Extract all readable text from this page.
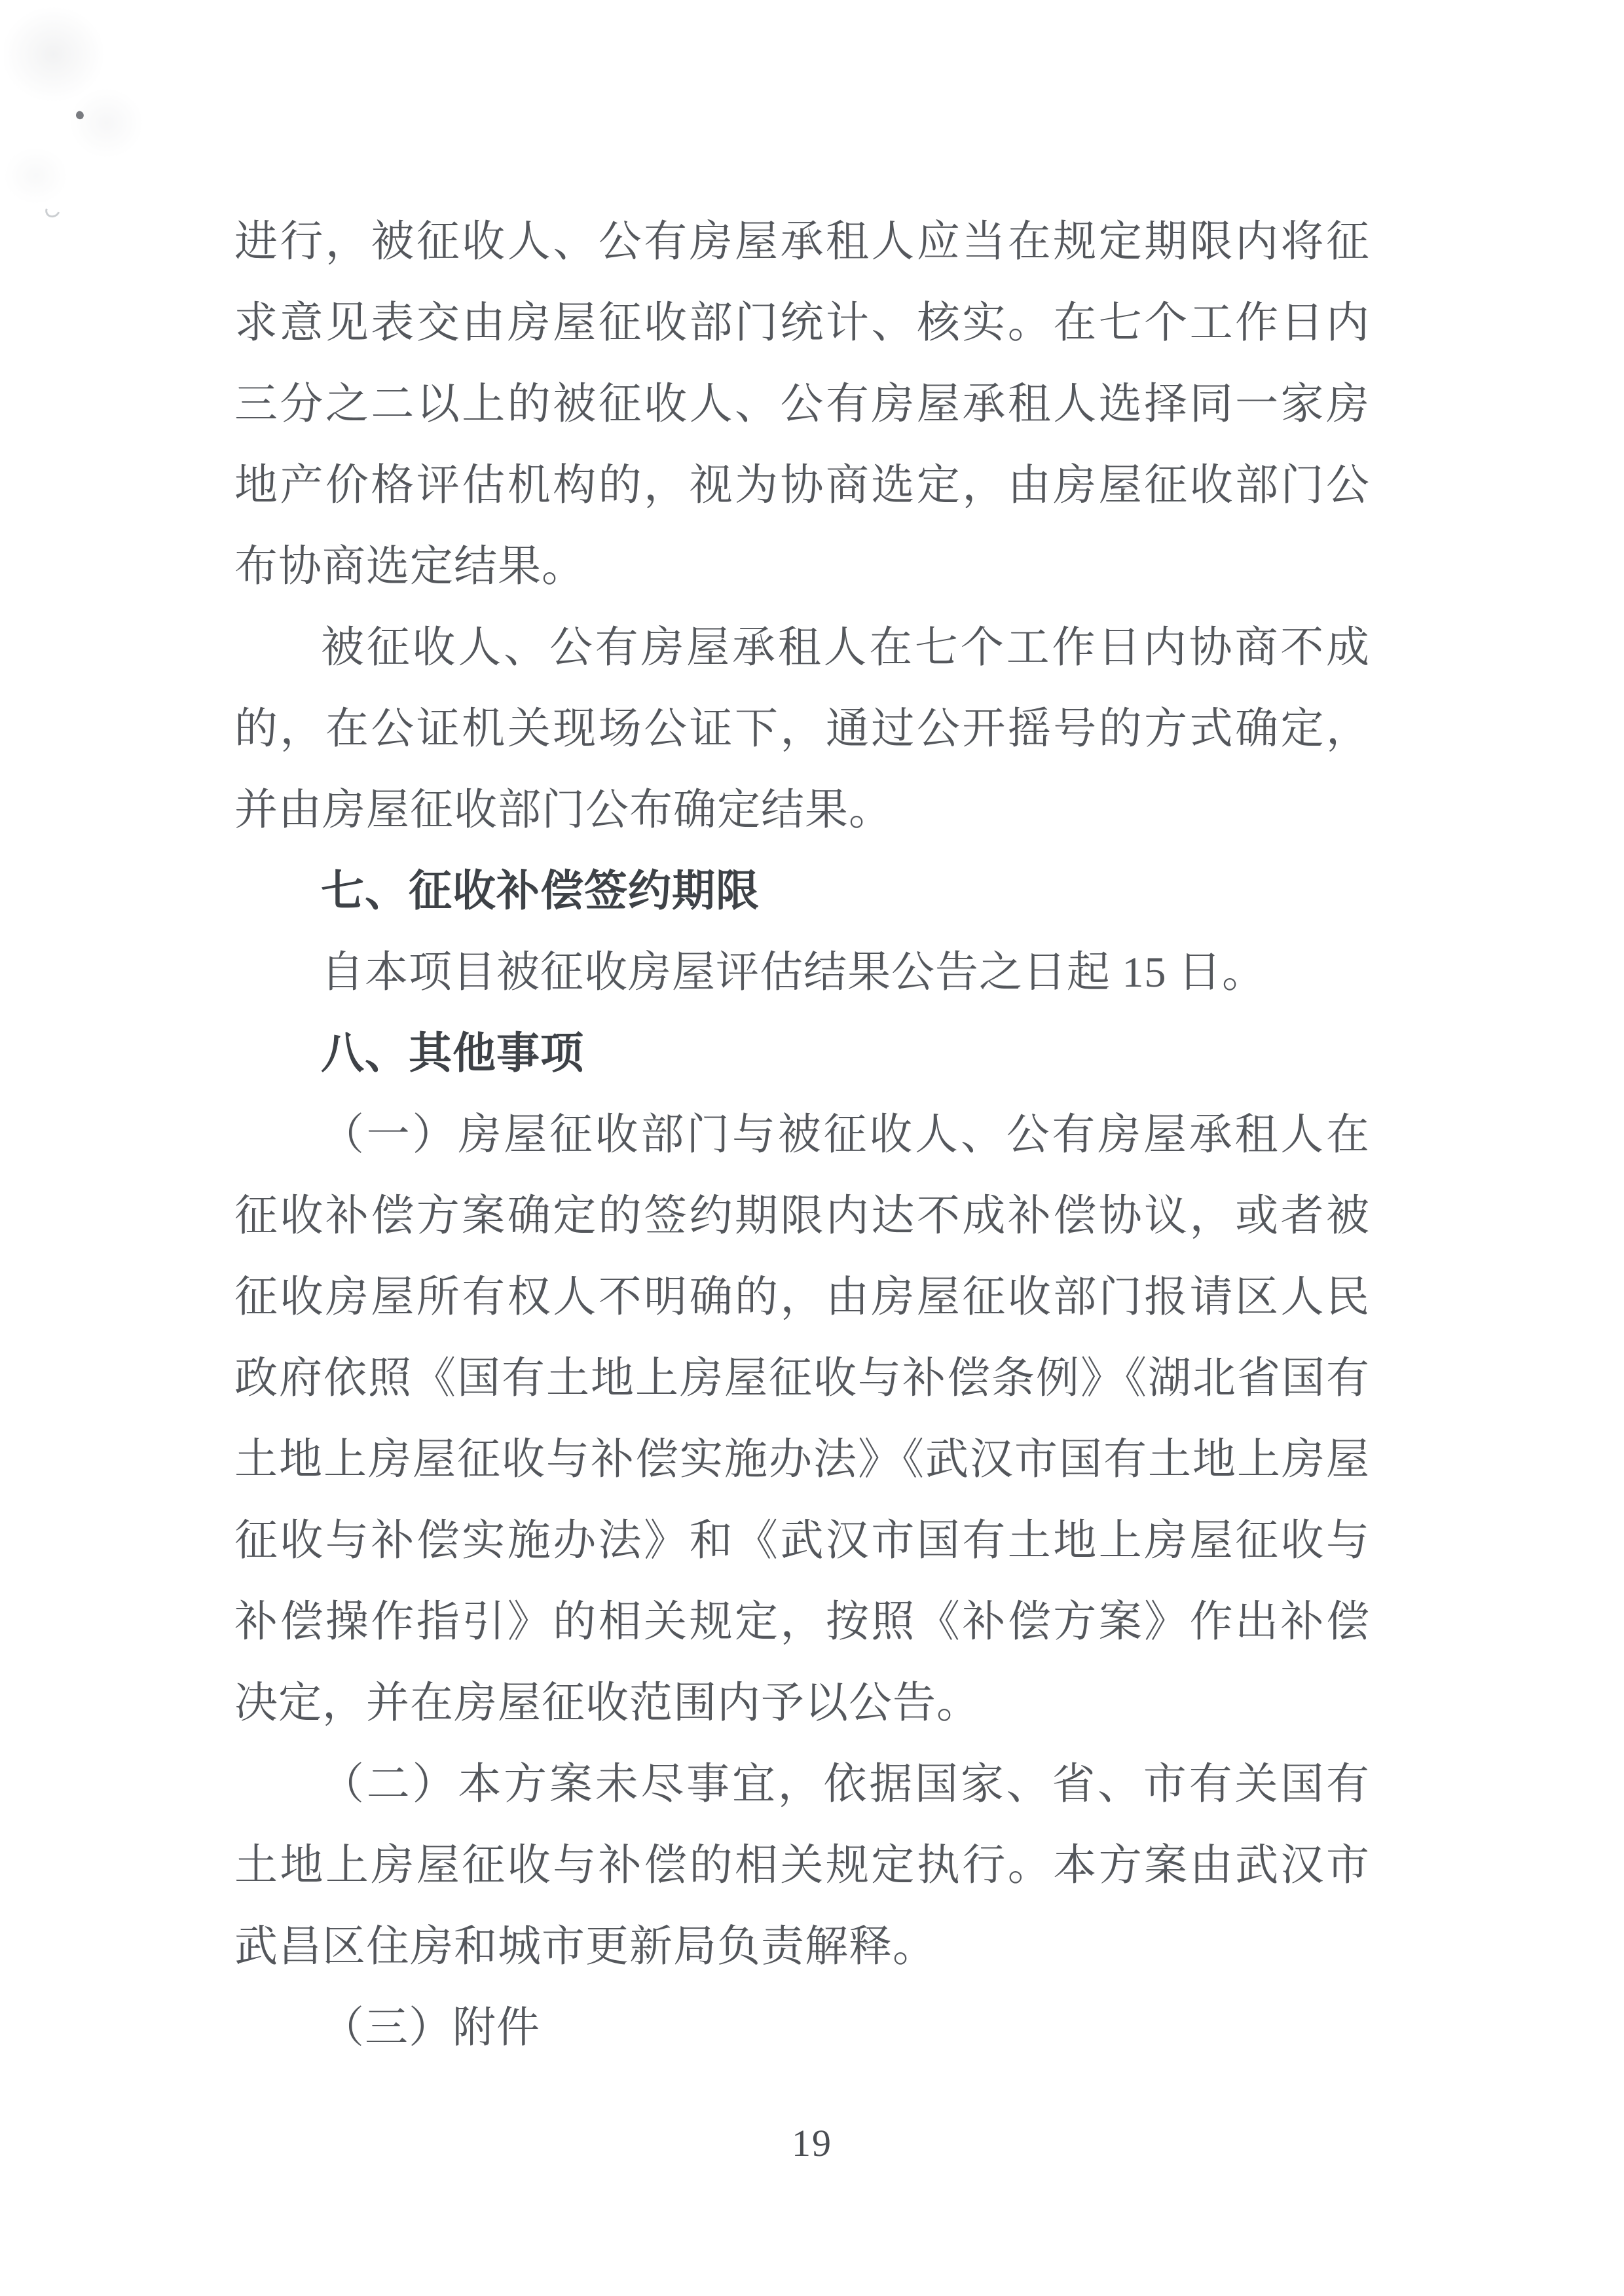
进行，被征收人、公有房屋承租人应当在规定期限内将征求意见表交由房屋征收部门统计、核实。在七个工作日内三分之二以上的被征收人、公有房屋承租人选择同一家房地产价格评估机构的，视为协商选定，由房屋征收部门公布协商选定结果。

被征收人、公有房屋承租人在七个工作日内协商不成的，在公证机关现场公证下，通过公开摇号的方式确定，并由房屋征收部门公布确定结果。

七、征收补偿签约期限

自本项目被征收房屋评估结果公告之日起 15 日。

八、其他事项

（一）房屋征收部门与被征收人、公有房屋承租人在征收补偿方案确定的签约期限内达不成补偿协议，或者被征收房屋所有权人不明确的，由房屋征收部门报请区人民政府依照《国有土地上房屋征收与补偿条例》《湖北省国有土地上房屋征收与补偿实施办法》《武汉市国有土地上房屋征收与补偿实施办法》和《武汉市国有土地上房屋征收与补偿操作指引》的相关规定，按照《补偿方案》作出补偿决定，并在房屋征收范围内予以公告。

（二）本方案未尽事宜，依据国家、省、市有关国有土地上房屋征收与补偿的相关规定执行。本方案由武汉市武昌区住房和城市更新局负责解释。

（三）附件

19
